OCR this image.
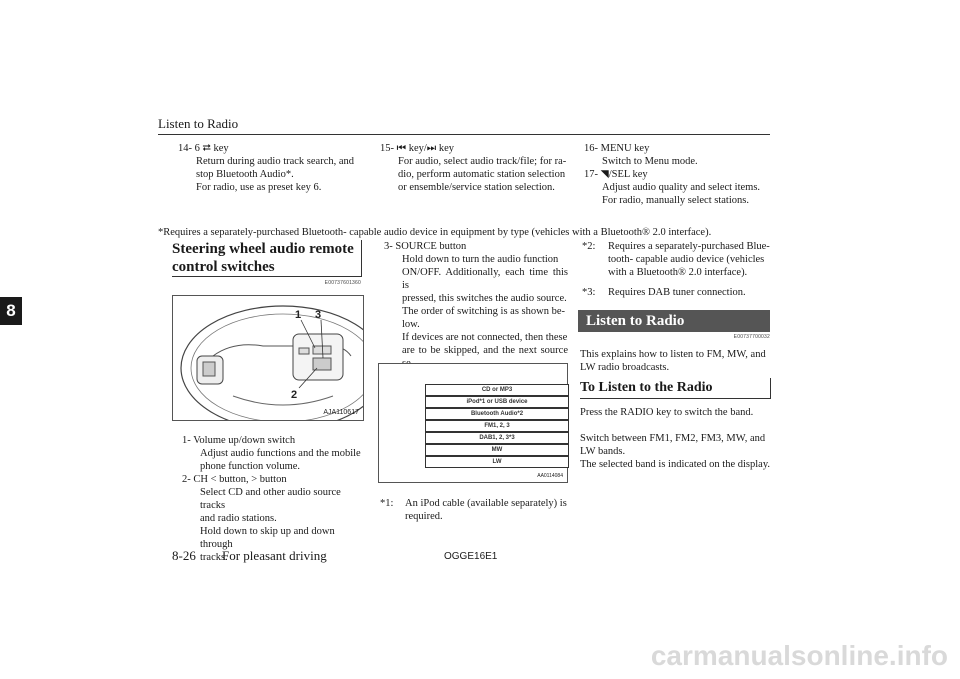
Listen to Radio
8
14- 6 ⮂ key
Return during audio track search, and
stop Bluetooth Audio*.
For radio, use as preset key 6.
15- ⏮ key/⏭ key
For audio, select audio track/file; for ra-
dio, perform automatic station selection
or ensemble/service station selection.
16- MENU key
Switch to Menu mode.
17- ◥/SEL key
Adjust audio quality and select items.
For radio, manually select stations.
*Requires a separately-purchased Bluetooth- capable audio device in equipment by type (vehicles with a Bluetooth® 2.0 interface).
Steering wheel audio remote
control switches
E00737601360
1 3
2
AJA110617
1- Volume up/down switch
Adjust audio functions and the mobile
phone function volume.
2- CH < button, > button
Select CD and other audio source tracks
and radio stations.
Hold down to skip up and down through
tracks.
3- SOURCE button
Hold down to turn the audio function
ON/OFF. Additionally, each time this is
pressed, this switches the audio source.
The order of switching is as shown be-
low.
If devices are not connected, then these
are to be skipped, and the next source
CD or MP3
iPod*1 or USB device
Bluetooth Audio*2
FM1, 2, 3
DAB1, 2, 3*3
MW
LW
AA0114084
*1:	An iPod cable (available separately) is
required.
*2:	Requires a separately-purchased Blue-
tooth- capable audio device (vehicles
with a Bluetooth® 2.0 interface).
*3:	Requires DAB tuner connection.
Listen to Radio
E00737700032
This explains how to listen to FM, MW, and
LW radio broadcasts.
To Listen to the Radio
Press the RADIO key to switch the band.
Switch between FM1, FM2, FM3, MW, and
LW bands.
The selected band is indicated on the display.
8-26 For pleasant driving	OGGE16E1
carmanualsonline.info
